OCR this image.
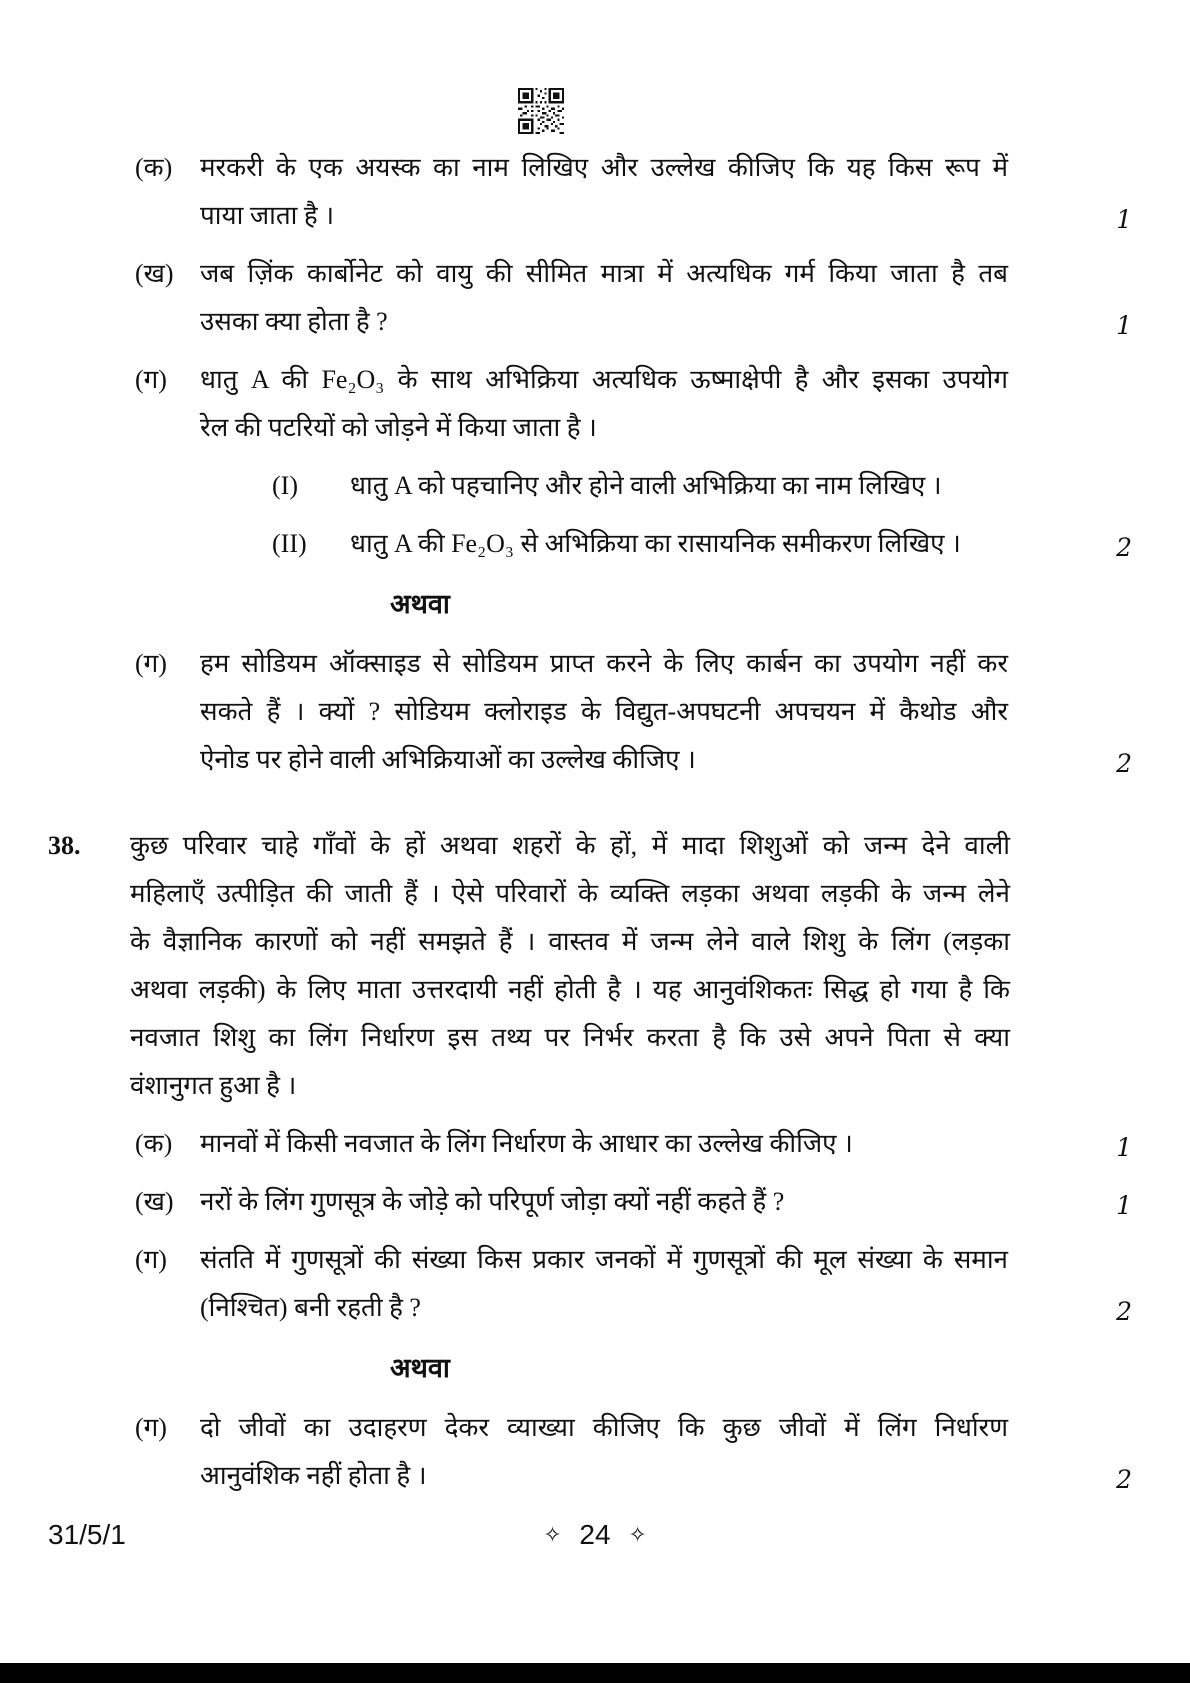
(क)	मरकरी के एक अयस्क का नाम लिखिए और उल्लेख कीजिए कि यह किस रूप में
पाया जाता है ।	1
(ख)	जब ज़िंक कार्बोनेट को वायु की सीमित मात्रा में अत्यधिक गर्म किया जाता है तब
उसका क्या होता है ?	1
(ग)	धातु A की Fe₂O₃ के साथ अभिक्रिया अत्यधिक ऊष्माक्षेपी है और इसका उपयोग
रेल की पटरियों को जोड़ने में किया जाता है ।
(I)	धातु A को पहचानिए और होने वाली अभिक्रिया का नाम लिखिए ।
(II)	धातु A की Fe₂O₃ से अभिक्रिया का रासायनिक समीकरण लिखिए ।	2
अथवा
(ग)	हम सोडियम ऑक्साइड से सोडियम प्राप्त करने के लिए कार्बन का उपयोग नहीं कर
सकते हैं । क्यों ? सोडियम क्लोराइड के विद्युत-अपघटनी अपचयन में कैथोड और
ऐनोड पर होने वाली अभिक्रियाओं का उल्लेख कीजिए ।	2
38.	कुछ परिवार चाहे गाँवों के हों अथवा शहरों के हों, में मादा शिशुओं को जन्म देने वाली
महिलाएँ उत्पीड़ित की जाती हैं । ऐसे परिवारों के व्यक्ति लड़का अथवा लड़की के जन्म लेने
के वैज्ञानिक कारणों को नहीं समझते हैं । वास्तव में जन्म लेने वाले शिशु के लिंग (लड़का
अथवा लड़की) के लिए माता उत्तरदायी नहीं होती है । यह आनुवंशिकतः सिद्ध हो गया है कि
नवजात शिशु का लिंग निर्धारण इस तथ्य पर निर्भर करता है कि उसे अपने पिता से क्या
वंशानुगत हुआ है ।
(क)	मानवों में किसी नवजात के लिंग निर्धारण के आधार का उल्लेख कीजिए ।	1
(ख)	नरों के लिंग गुणसूत्र के जोड़े को परिपूर्ण जोड़ा क्यों नहीं कहते हैं ?	1
(ग)	संतति में गुणसूत्रों की संख्या किस प्रकार जनकों में गुणसूत्रों की मूल संख्या के समान
(निश्चित) बनी रहती है ?	2
अथवा
(ग)	दो जीवों का उदाहरण देकर व्याख्या कीजिए कि कुछ जीवों में लिंग निर्धारण
आनुवंशिक नहीं होता है ।	2
31/5/1	✧ 24 ✧
